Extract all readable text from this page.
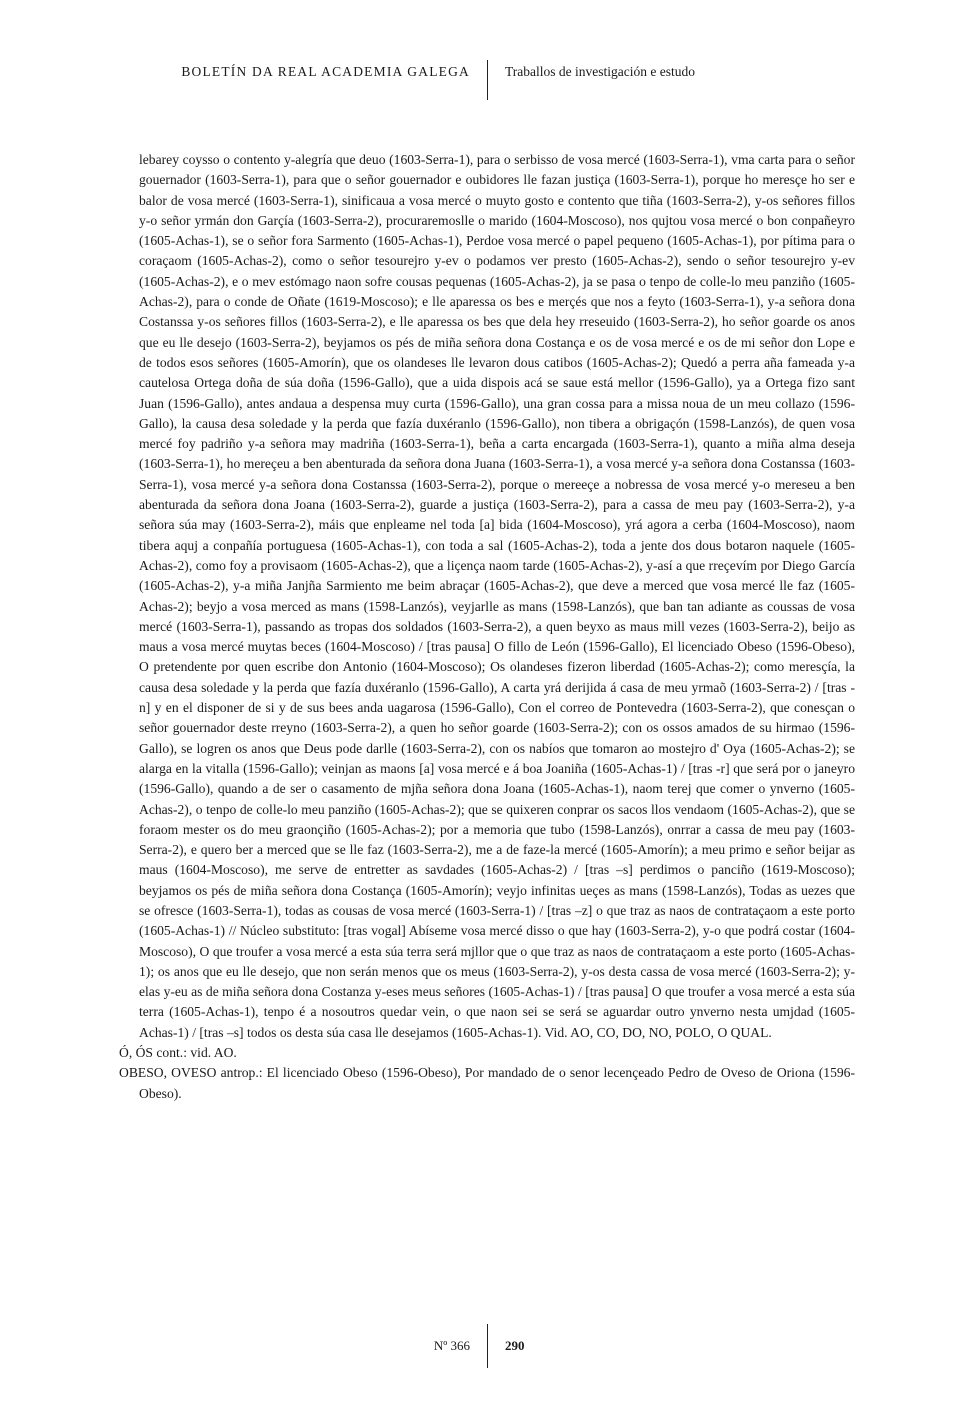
BOLETÍN DA REAL ACADEMIA GALEGA	Traballos de investigación e estudo

lebarey coysso o contento y-alegría que deuo (1603-Serra-1), para o serbisso de vosa mercé (1603-Serra-1), vma carta para o señor gouernador (1603-Serra-1), para que o señor gouernador e oubidores lle fazan justiça (1603-Serra-1), porque ho meresçe ho ser e balor de vosa mercé (1603-Serra-1), sinificaua a vosa mercé o muyto gosto e contento que tiña (1603-Serra-2), y-os señores fillos y-o señor yrmán don Garçía (1603-Serra-2), procuraremosllе o marido (1604-Moscoso), nos qujtou vosa mercé o bon conpañeyro (1605-Achas-1), se o señor fora Sarmento (1605-Achas-1), Perdoe vosa mercé o papel pequeno (1605-Achas-1), por pítima para o coraçaom (1605-Achas-2), como o señor tesourejro y-ev o podamos ver presto (1605-Achas-2), sendo o señor tesourejro y-ev (1605-Achas-2), e o mev estómago naon sofre cousas pequenas (1605-Achas-2), ja se pasa o tenpo de colle-lo meu panziño (1605-Achas-2), para o conde de Oñate (1619-Moscoso); e lle aparessa os bes e merçés que nos a feyto (1603-Serra-1), y-a señora dona Costanssa y-os señores fillos (1603-Serra-2), e lle aparessa os bes que dela hey rreseuido (1603-Serra-2), ho señor goarde os anos que eu lle desejo (1603-Serra-2), beyjamos os pés de miña señora dona Costança e os de vosa mercé e os de mi señor don Lope e de todos esos señores (1605-Amorín), que os olandeses lle levaron dous catibos (1605-Achas-2); Quedó a perra aña fameada y-a cautelosa Ortega doña de súa doña (1596-Gallo), que a uida dispois acá se saue está mellor (1596-Gallo), ya a Ortega fizo sant Juan (1596-Gallo), antes andaua a despensa muy curta (1596-Gallo), una gran cossa para a missa noua de un meu collazo (1596-Gallo), la causa desa soledade y la perda que fazía duxéranlo (1596-Gallo), non tibera a obrigaçón (1598-Lanzós), de quen vosa mercé foy padriño y-a señora may madriña (1603-Serra-1), beña a carta encargada (1603-Serra-1), quanto a miña alma deseja (1603-Serra-1), ho mereçeu a ben abenturada da señora dona Juana (1603-Serra-1), a vosa mercé y-a señora dona Costanssa (1603-Serra-1), vosa mercé y-a señora dona Costanssa (1603-Serra-2), porque o mereeçe a nobressa de vosa mercé y-o mereseu a ben abenturada da señora dona Joana (1603-Serra-2), guarde a justiça (1603-Serra-2), para a cassa de meu pay (1603-Serra-2), y-a señora súa may (1603-Serra-2), máis que enpleamе nel toda [a] bida (1604-Moscoso), yrá agora a cerba (1604-Moscoso), naom tibera aquj a conpañía portuguesa (1605-Achas-1), con toda a sal (1605-Achas-2), toda a jente dos dous botaron naquele (1605-Achas-2), como foy a provisaom (1605-Achas-2), que a liçença naom tarde (1605-Achas-2), y-así a que rreçevím por Diego García (1605-Achas-2), y-a miña Janjña Sarmiento me beim abraçar (1605-Achas-2), que deve a merced que vosa mercé lle faz (1605-Achas-2); beyjo a vosa merced as mans (1598-Lanzós), veyjarlle as mans (1598-Lanzós), que ban tan adiante as coussas de vosa mercé (1603-Serra-1), passando as tropas dos soldados (1603-Serra-2), a quen beyxo as maus mill vezes (1603-Serra-2), beijo as maus a vosa mercé muytas beces (1604-Moscoso) / [tras pausa] O fillo de León (1596-Gallo), El licenciado Obeso (1596-Obeso), O pretendente por quen escribe don Antonio (1604-Moscoso); Os olandeses fizeron liberdad (1605-Achas-2); como meresçía, la causa desa soledade y la perda que fazía duxéranlo (1596-Gallo), A carta yrá derijida á casa de meu yrmaõ (1603-Serra-2) / [tras -n] y en el disponer de si y de sus bees anda uagarosa (1596-Gallo), Con el correo de Pontevedra (1603-Serra-2), que conesçan o señor gouernador deste rreyno (1603-Serra-2), a quen ho señor goarde (1603-Serra-2); con os ossos amados de su hirmao (1596-Gallo), se logren os anos que Deus pode darlle (1603-Serra-2), con os nabíos que tomaron ao mostejro d' Oya (1605-Achas-2); se alarga en la vitalla (1596-Gallo); veinjan as maons [a] vosa mercé e á boa Joaniña (1605-Achas-1) / [tras -r] que será por o janeyro (1596-Gallo), quando a de ser o casamento de mjña señora dona Joana (1605-Achas-1), naom terej que comer o ynverno (1605-Achas-2), o tenpo de colle-lo meu panziño (1605-Achas-2); que se quixeren conprar os sacos llos vendaom (1605-Achas-2), que se foraom mester os do meu graonçiño (1605-Achas-2); por a memoria que tubo (1598-Lanzós), onrrar a cassa de meu pay (1603-Serra-2), e quero ber a merced que se lle faz (1603-Serra-2), me a de faze-la mercé (1605-Amorín); a meu primo e señor beijar as maus (1604-Moscoso), me serve de entretter as savdades (1605-Achas-2) / [tras –s] perdimos o panciño (1619-Moscoso); beyjamos os pés de miña señora dona Costança (1605-Amorín); veyjo infinitas ueçes as mans (1598-Lanzós), Todas as uezes que se ofresce (1603-Serra-1), todas as cousas de vosa mercé (1603-Serra-1) / [tras –z] o que traz as naos de contrataçaom a este porto (1605-Achas-1) // Núcleo substituto: [tras vogal] Abíseme vosa mercé disso o que hay (1603-Serra-2), y-o que podrá costar (1604-Moscoso), O que troufer a vosa mercé a esta súa terra será mjllor que o que traz as naos de contrataçaom a este porto (1605-Achas-1); os anos que eu lle desejo, que non serán menos que os meus (1603-Serra-2), y-os desta cassa de vosa mercé (1603-Serra-2); y-elas y-eu as de miña señora dona Costanza y-eses meus señores (1605-Achas-1) / [tras pausa] O que troufer a vosa mercé a esta súa terra (1605-Achas-1), tenpo é a nosoutros quedar vein, o que naon sei se será se aguardar outro ynverno nesta umjdad (1605-Achas-1) / [tras –s] todos os desta súa casa lle desejamos (1605-Achas-1). Vid. AO, CO, DO, NO, POLO, O QUAL.

Ó, ÓS cont.: vid. AO.

OBESO, OVESO antrop.: El licenciado Obeso (1596-Obeso), Por mandado de o senor lecençeado Pedro de Oveso de Oriona (1596-Obeso).

Nº 366	290
